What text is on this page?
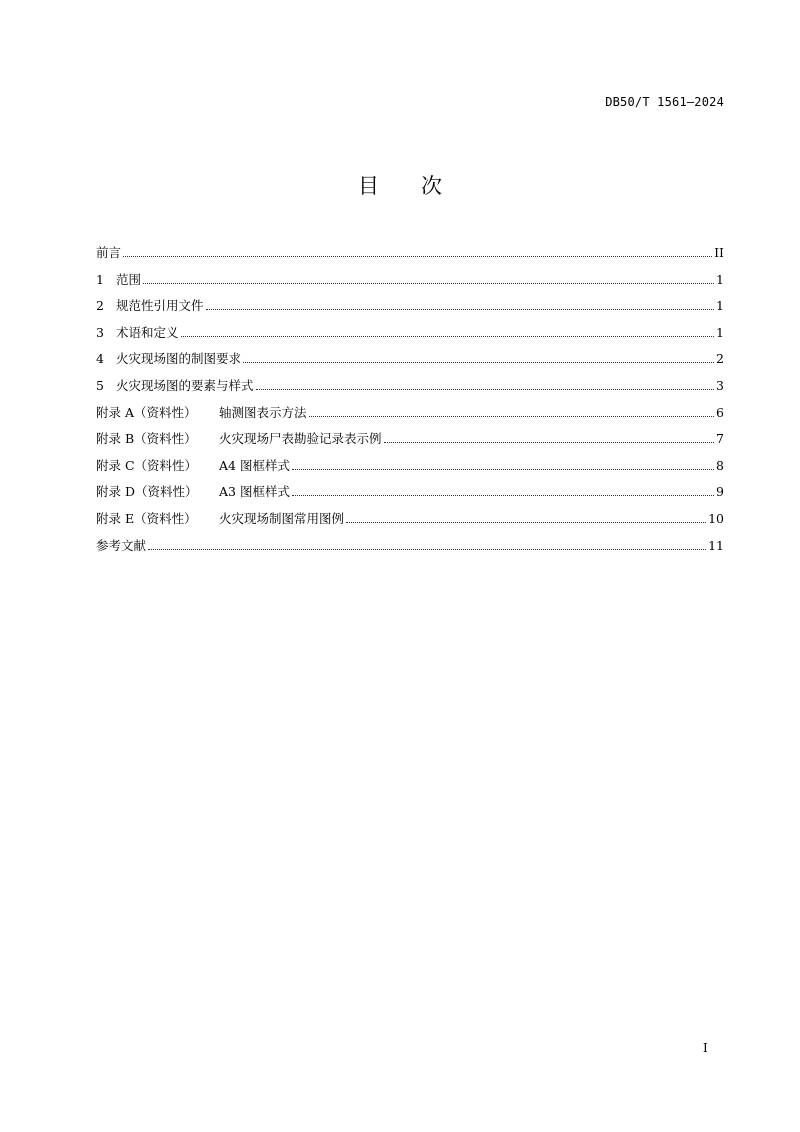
DB50/T 1561—2024
目次
前言	II
1 范围	1
2 规范性引用文件	1
3 术语和定义	1
4 火灾现场图的制图要求	2
5 火灾现场图的要素与样式	3
附录 A（资料性）	轴测图表示方法	6
附录 B（资料性）	火灾现场尸表勘验记录表示例	7
附录 C（资料性）	A4 图框样式	8
附录 D（资料性）	A3 图框样式	9
附录 E（资料性）	火灾现场制图常用图例	10
参考文献	11
I
